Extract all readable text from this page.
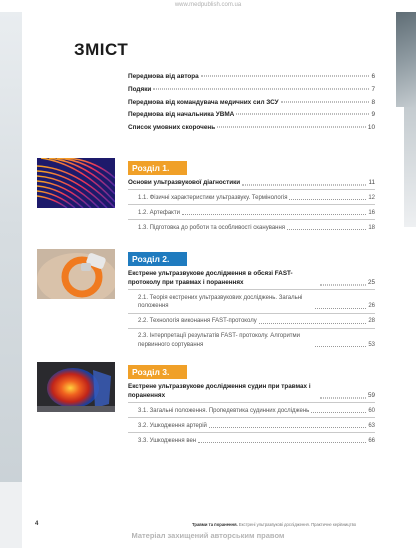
www.medpublish.com.ua
ЗМІСТ
Передмова від автора	6
Подяки	7
Передмова від командувача медичних сил ЗСУ	8
Передмова від начальника УВМА	9
Список умовних скорочень	10
Розділ 1.
Основи ультразвукової діагностики	11
1.1. Фізичні характеристики ультразвуку. Термінологія	12
1.2. Артефакти	16
1.3. Підготовка до роботи та особливості сканування	18
Розділ 2.
Екстрене ультразвукове дослідження в обсязі FAST-протоколу при травмах і пораненнях	25
2.1. Теорія екстрених ультразвукових досліджень. Загальні положення	26
2.2. Технологія виконання FAST-протоколу	28
2.3. Інтерпретації результатів FAST- протоколу. Алгоритми первинного сортування	53
Розділ 3.
Екстрене ультразвукове дослідження судин при травмах і пораненнях	59
3.1. Загальні положення. Пропедевтика судинних досліджень	60
3.2. Ушкодження артерій	63
3.3. Ушкодження вен	66
4	Травми та поранення. Екстрені ультразвукові дослідження. Практичне керівництво
Матеріал захищений авторським правом
